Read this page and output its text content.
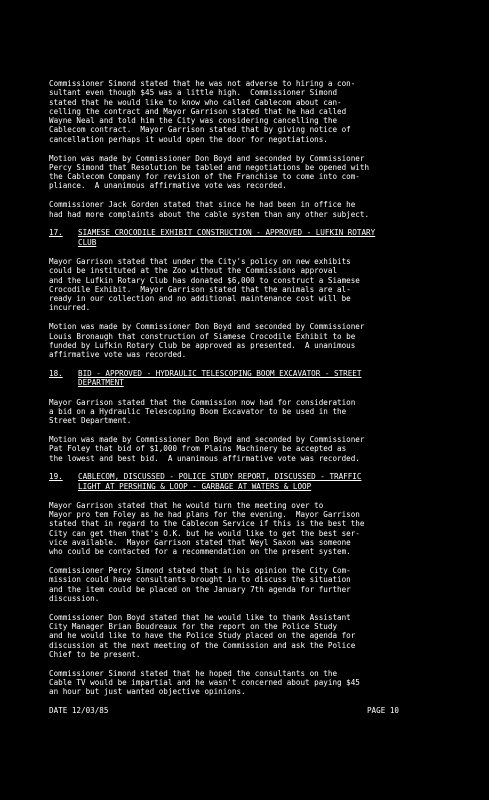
Commissioner Simond stated that he was not adverse to hiring a con-
sultant even though $45 was a little high.  Commissioner Simond
stated that he would like to know who called Cablecom about can-
celling the contract and Mayor Garrison stated that he had called
Wayne Neal and told him the City was considering cancelling the
Cablecom contract.  Mayor Garrison stated that by giving notice of
cancellation perhaps it would open the door for negotiations.

Motion was made by Commissioner Don Boyd and seconded by Commissioner
Percy Simond that Resolution be tabled and negotiations be opened with
the Cablecom Company for revision of the Franchise to come into com-
pliance.  A unanimous affirmative vote was recorded.

Commissioner Jack Gorden stated that since he had been in office he
had had more complaints about the cable system than any other subject.

17.	SIAMESE CROCODILE EXHIBIT CONSTRUCTION - APPROVED - LUFKIN ROTARY
CLUB

Mayor Garrison stated that under the City's policy on new exhibits
could be instituted at the Zoo without the Commissions approval
and the Lufkin Rotary Club has donated $6,000 to construct a Siamese
Crocodile Exhibit.  Mayor Garrison stated that the animals are al-
ready in our collection and no additional maintenance cost will be
incurred.

Motion was made by Commissioner Don Boyd and seconded by Commissioner
Louis Bronaugh that construction of Siamese Crocodile Exhibit to be
funded by Lufkin Rotary Club be approved as presented.  A unanimous
affirmative vote was recorded.

18.	BID - APPROVED - HYDRAULIC TELESCOPING BOOM EXCAVATOR - STREET
DEPARTMENT

Mayor Garrison stated that the Commission now had for consideration
a bid on a Hydraulic Telescoping Boom Excavator to be used in the
Street Department.

Motion was made by Commissioner Don Boyd and seconded by Commissioner
Pat Foley that bid of $1,000 from Plains Machinery be accepted as
the lowest and best bid.  A unanimous affirmative vote was recorded.

19.	CABLECOM, DISCUSSED - POLICE STUDY REPORT, DISCUSSED - TRAFFIC
LIGHT AT PERSHING & LOOP - GARBAGE AT WATERS & LOOP

Mayor Garrison stated that he would turn the meeting over to
Mayor pro tem Foley as he had plans for the evening.  Mayor Garrison
stated that in regard to the Cablecom Service if this is the best the
City can get then that's O.K. but he would like to get the best ser-
vice available.  Mayor Garrison stated that Weyl Saxon was someone
who could be contacted for a recommendation on the present system.

Commissioner Percy Simond stated that in his opinion the City Com-
mission could have consultants brought in to discuss the situation
and the item could be placed on the January 7th agenda for further
discussion.

Commissioner Don Boyd stated that he would like to thank Assistant
City Manager Brian Boudreaux for the report on the Police Study
and he would like to have the Police Study placed on the agenda for
discussion at the next meeting of the Commission and ask the Police
Chief to be present.

Commissioner Simond stated that he hoped the consultants on the
Cable TV would be impartial and he wasn't concerned about paying $45
an hour but just wanted objective opinions.

DATE 12/03/85	PAGE 10
